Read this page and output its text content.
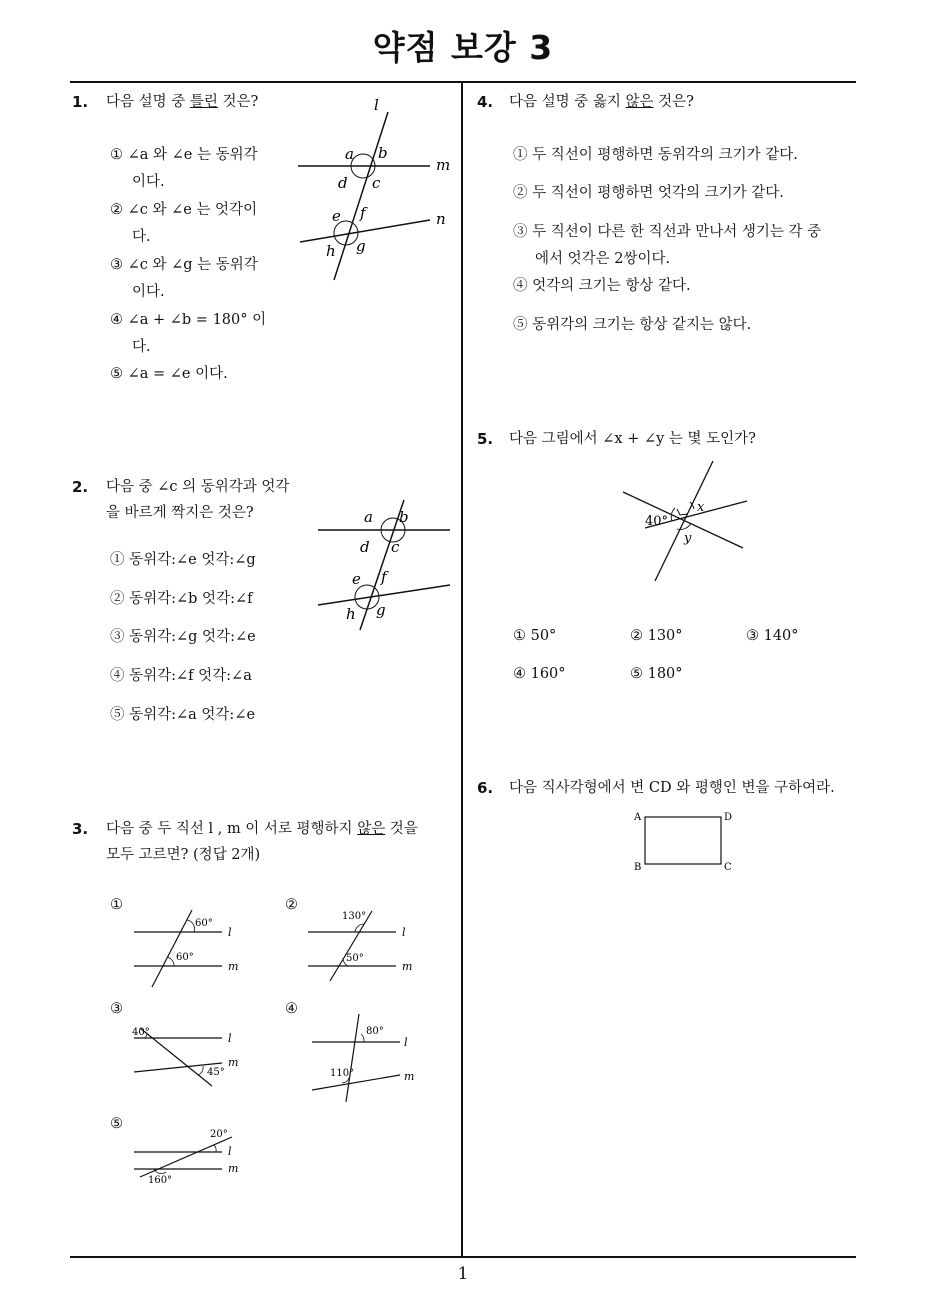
약점 보강 3
1. 다음 설명 중 틀린 것은?
① ∠a 와 ∠e 는 동위각
이다.
② ∠c 와 ∠e 는 엇각이
다.
③ ∠c 와 ∠g 는 동위각
이다.
④ ∠a + ∠b = 180° 이
다.
⑤ ∠a = ∠e 이다.
l
m
n
a b
c
d
e f
g
h
2. 다음 중 ∠c 의 동위각과 엇각
을 바르게 짝지은 것은?
① 동위각:∠e 엇각:∠g
② 동위각:∠b 엇각:∠f
③ 동위각:∠g 엇각:∠e
④ 동위각:∠f 엇각:∠a
⑤ 동위각:∠a 엇각:∠e
a b
c
d
e f
g
h
3. 다음 중 두 직선 l , m 이 서로 평행하지 않은 것을
모두 고르면? (정답 2개)
①
60°
60°
l
m
②
130°
50°
l
m
③
40°
45°
l
m
④
80°
110°
l
m
⑤
20°
160°
l
m
4. 다음 설명 중 옳지 않은 것은?
① 두 직선이 평행하면 동위각의 크기가 같다.
② 두 직선이 평행하면 엇각의 크기가 같다.
③ 두 직선이 다른 한 직선과 만나서 생기는 각 중
에서 엇각은 2쌍이다.
④ 엇각의 크기는 항상 같다.
⑤ 동위각의 크기는 항상 같지는 않다.
5. 다음 그림에서 ∠x + ∠y 는 몇 도인가?
40°
x
y
① 50°	② 130°	③ 140°
④ 160°	⑤ 180°
6. 다음 직사각형에서 변 CD 와 평행인 변을 구하여라.
A	D
B	C
1
